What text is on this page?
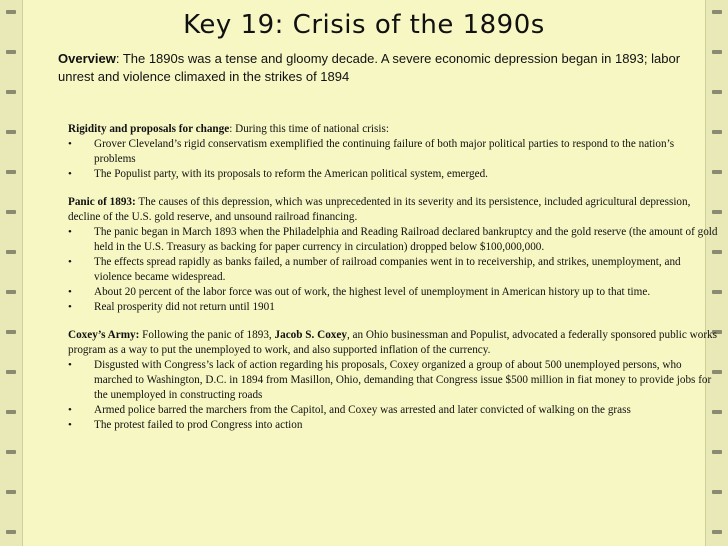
Key 19: Crisis of the 1890s
Overview: The 1890s was a tense and gloomy decade. A severe economic depression began in 1893; labor unrest and violence climaxed in the strikes of 1894

Rigidity and proposals for change: During this time of national crisis:

• Grover Cleveland’s rigid conservatism exemplified the continuing failure of both major political parties to respond to the nation’s problems
• The Populist party, with its proposals to reform the American political system, emerged.

Panic of 1893: The causes of this depression, which was unprecedented in its severity and its persistence, included agricultural depression, decline of the U.S. gold reserve, and unsound railroad financing.

• The panic began in March 1893 when the Philadelphia and Reading Railroad declared bankruptcy and the gold reserve (the amount of gold held in the U.S. Treasury as backing for paper currency in circulation) dropped below $100,000,000.
• The effects spread rapidly as banks failed, a number of railroad companies went in to receivership, and strikes, unemployment, and violence became widespread.
• About 20 percent of the labor force was out of work, the highest level of unemployment in American history up to that time.
• Real prosperity did not return until 1901

Coxey’s Army: Following the panic of 1893, Jacob S. Coxey, an Ohio businessman and Populist, advocated a federally sponsored public works program as a way to put the unemployed to work, and also supported inflation of the currency.

• Disgusted with Congress’s lack of action regarding his proposals, Coxey organized a group of about 500 unemployed persons, who marched to Washington, D.C. in 1894 from Masillon, Ohio, demanding that Congress issue $500 million in fiat money to provide jobs for the unemployed in constructing roads
• Armed police barred the marchers from the Capitol, and Coxey was arrested and later convicted of walking on the grass
• The protest failed to prod Congress into action
